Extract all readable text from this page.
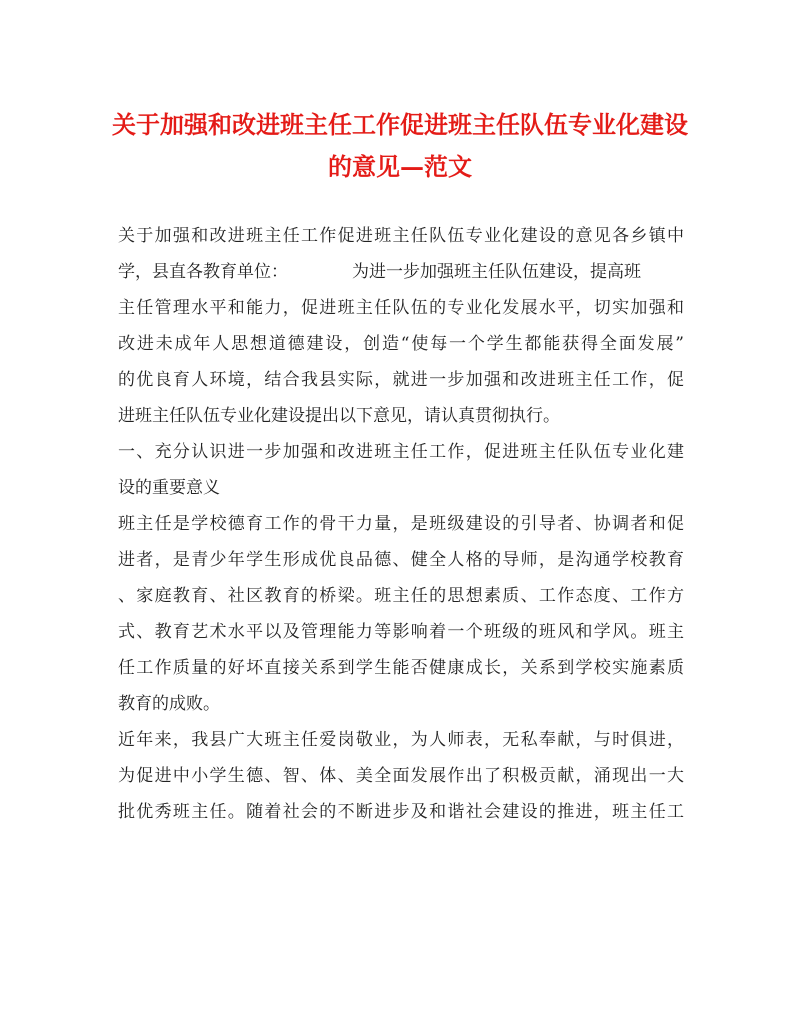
关于加强和改进班主任工作促进班主任队伍专业化建设
的意见—范文
关于加强和改进班主任工作促进班主任队伍专业化建设的意见各乡镇中
学，县直各教育单位：	为进一步加强班主任队伍建设，提高班
主任管理水平和能力，促进班主任队伍的专业化发展水平，切实加强和
改进未成年人思想道德建设，创造“使每一个学生都能获得全面发展”
的优良育人环境，结合我县实际，就进一步加强和改进班主任工作，促
进班主任队伍专业化建设提出以下意见，请认真贯彻执行。
一、充分认识进一步加强和改进班主任工作，促进班主任队伍专业化建
设的重要意义
班主任是学校德育工作的骨干力量，是班级建设的引导者、协调者和促
进者，是青少年学生形成优良品德、健全人格的导师，是沟通学校教育
、家庭教育、社区教育的桥梁。班主任的思想素质、工作态度、工作方
式、教育艺术水平以及管理能力等影响着一个班级的班风和学风。班主
任工作质量的好坏直接关系到学生能否健康成长，关系到学校实施素质
教育的成败。
近年来，我县广大班主任爱岗敬业，为人师表，无私奉献，与时俱进，
为促进中小学生德、智、体、美全面发展作出了积极贡献，涌现出一大
批优秀班主任。随着社会的不断进步及和谐社会建设的推进，班主任工
